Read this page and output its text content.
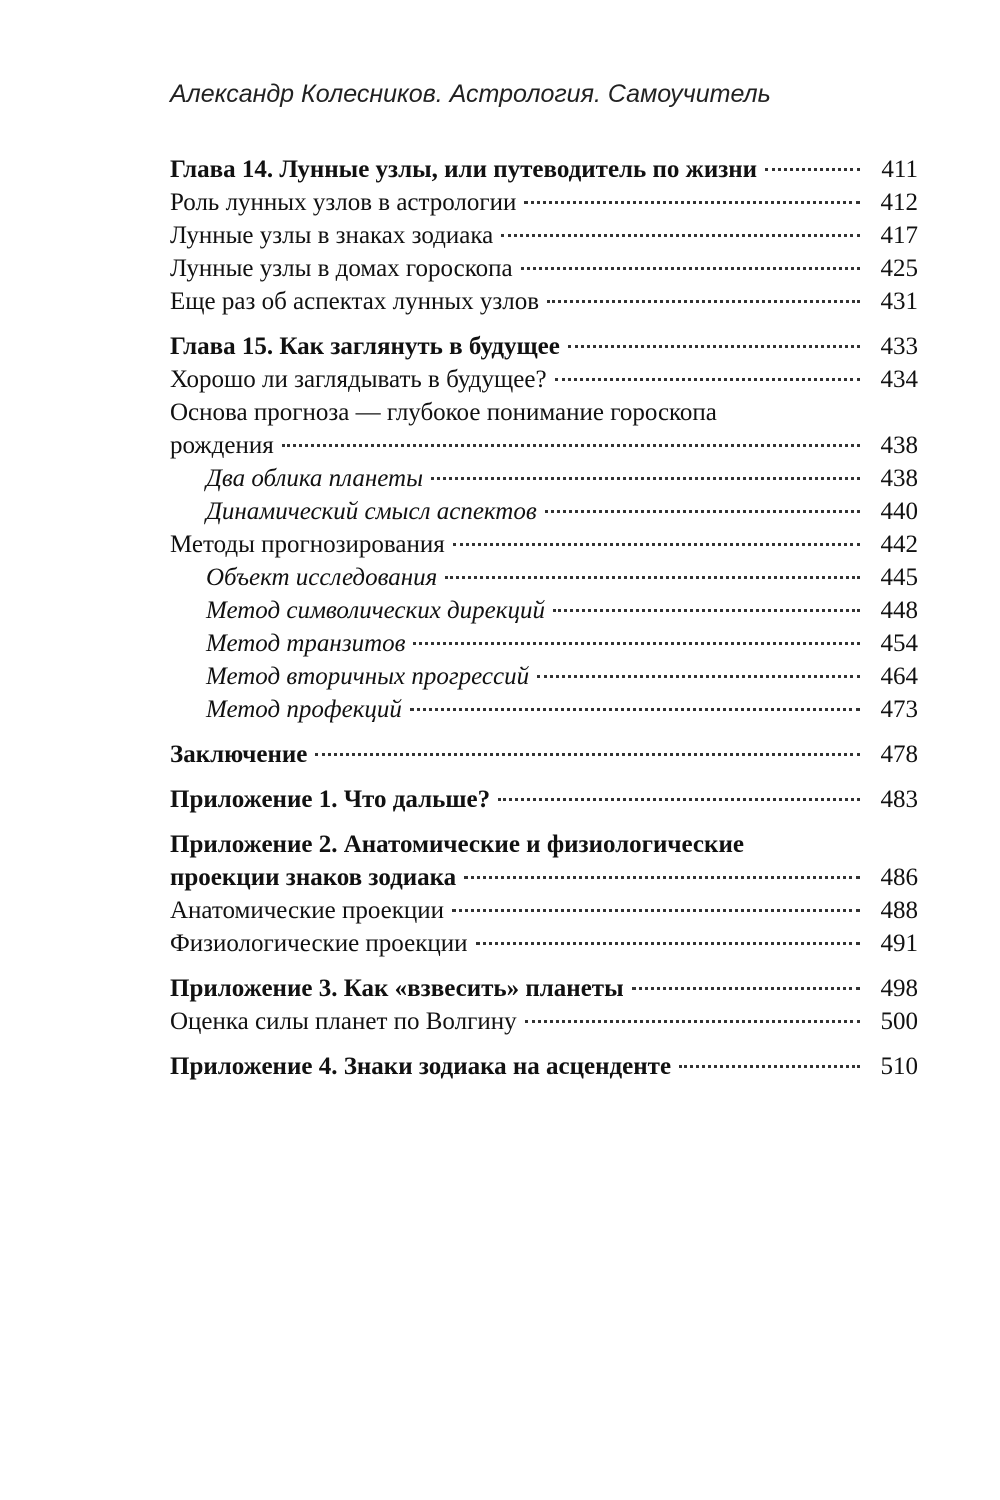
Александр Колесников. Астрология. Самоучитель
Глава 14. Лунные узлы, или путеводитель по жизни	411
Роль лунных узлов в астрологии	412
Лунные узлы в знаках зодиака	417
Лунные узлы в домах гороскопа	425
Еще раз об аспектах лунных узлов	431
Глава 15. Как заглянуть в будущее	433
Хорошо ли заглядывать в будущее?	434
Основа прогноза — глубокое понимание гороскопа
рождения	438
Два облика планеты	438
Динамический смысл аспектов	440
Методы прогнозирования	442
Объект исследования	445
Метод символических дирекций	448
Метод транзитов	454
Метод вторичных прогрессий	464
Метод профекций	473
Заключение	478
Приложение 1. Что дальше?	483
Приложение 2. Анатомические и физиологические
проекции знаков зодиака	486
Анатомические проекции	488
Физиологические проекции	491
Приложение 3. Как «взвесить» планеты	498
Оценка силы планет по Волгину	500
Приложение 4. Знаки зодиака на асценденте	510
